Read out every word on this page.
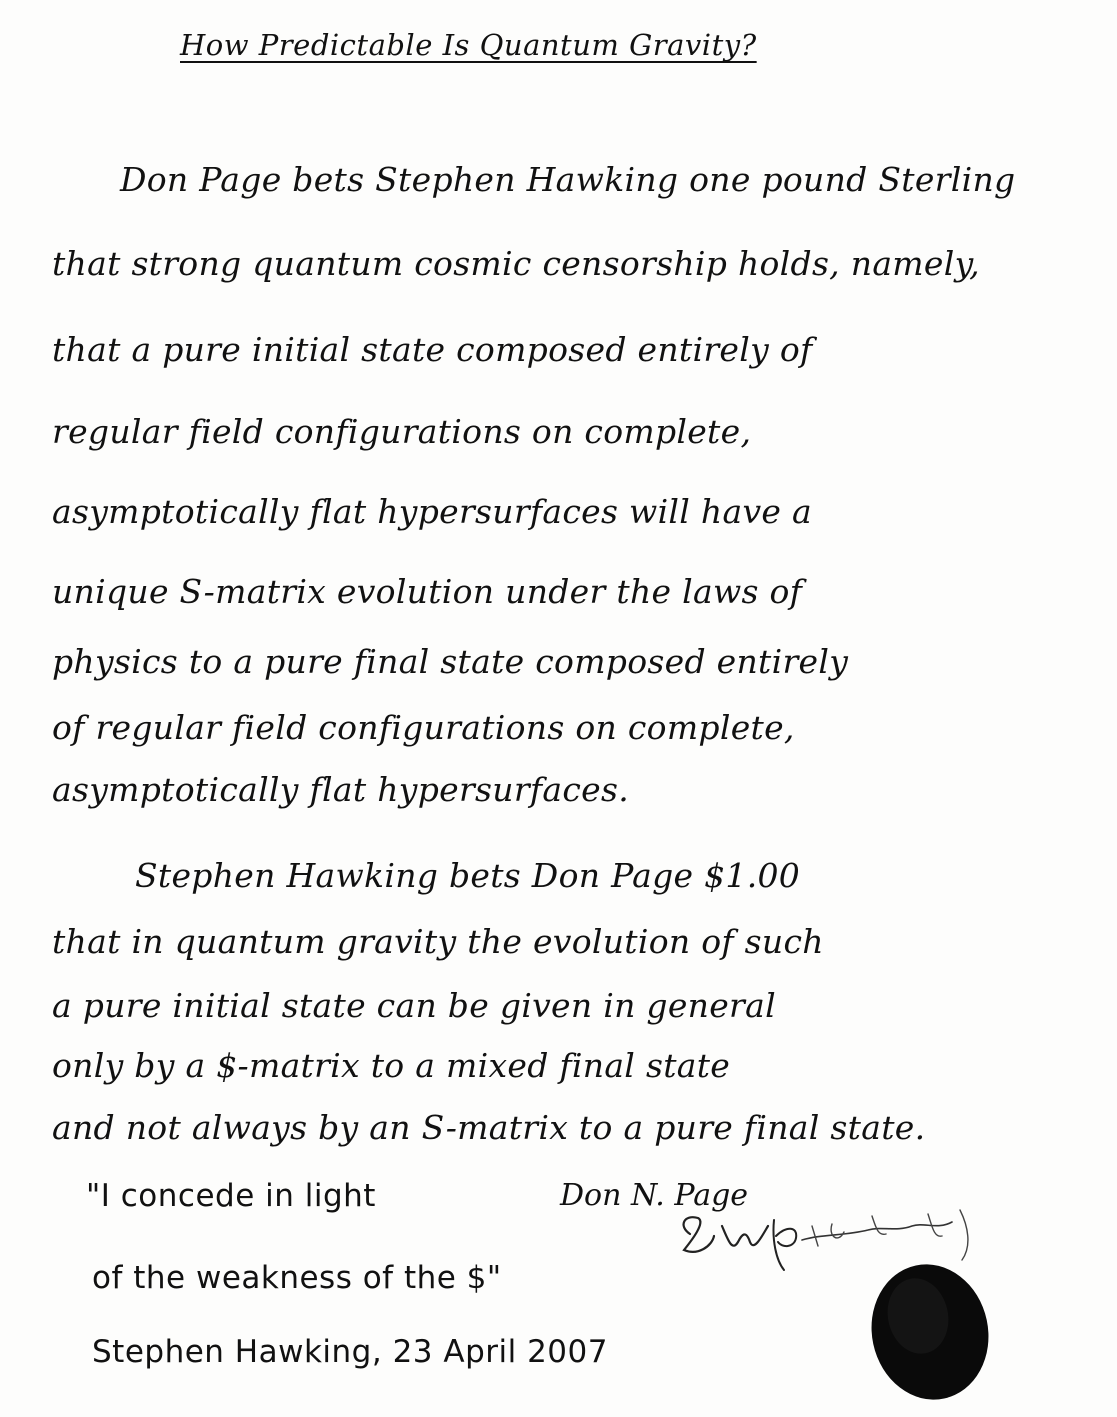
How Predictable Is Quantum Gravity?
Don Page bets Stephen Hawking one pound Sterling
that strong quantum cosmic censorship holds, namely,
that a pure initial state composed entirely of
regular field configurations on complete,
asymptotically flat hypersurfaces will have a
unique S-matrix evolution under the laws of
physics to a pure final state composed entirely
of regular field configurations on complete,
asymptotically flat hypersurfaces.
Stephen Hawking bets Don Page $1.00
that in quantum gravity the evolution of such
a pure initial state can be given in general
only by a $-matrix to a mixed final state
and not always by an S-matrix to a pure final state.
Don N. Page
"I concede in light
of the weakness of the $"
Stephen Hawking, 23 April 2007
